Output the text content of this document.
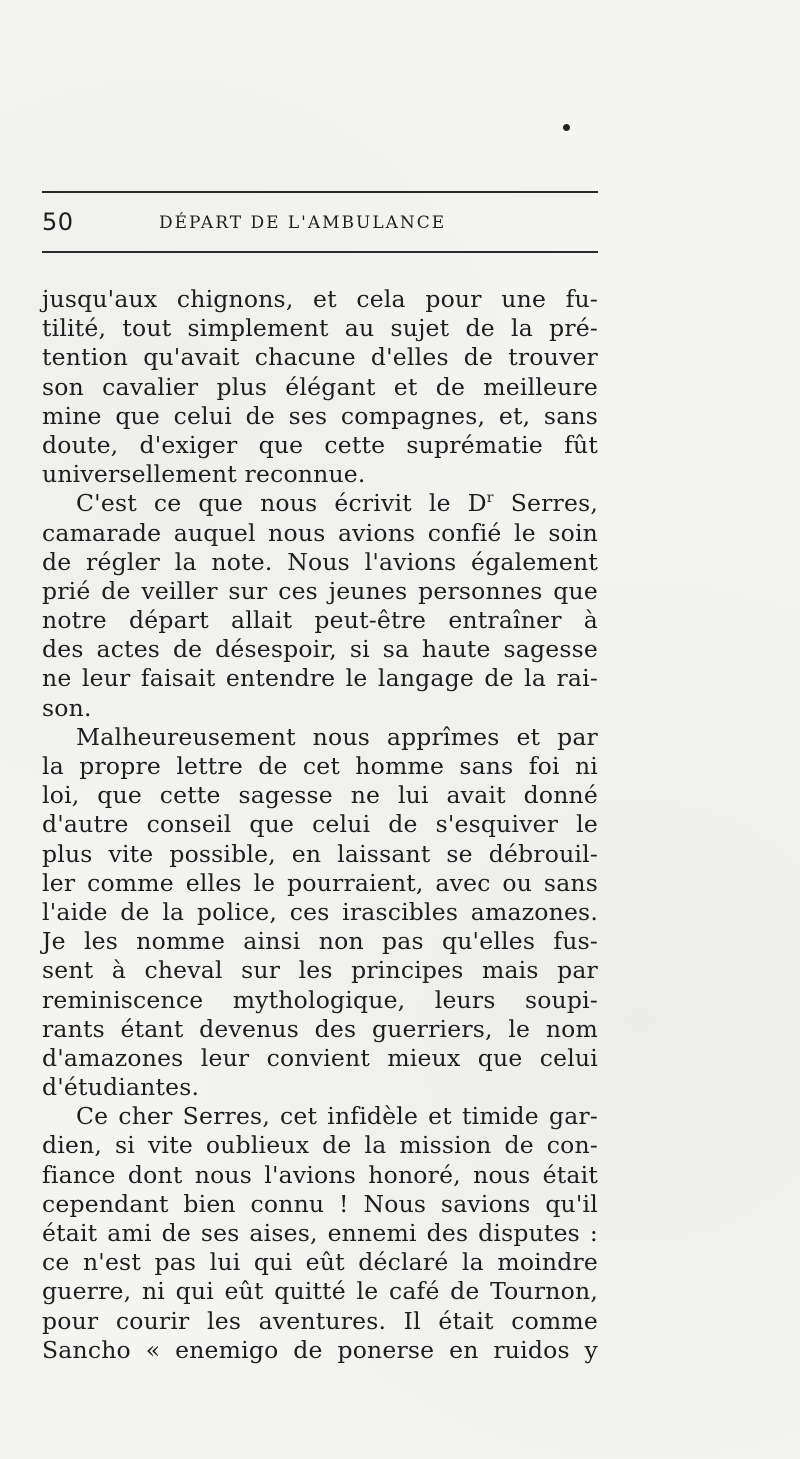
50	DÉPART DE L'AMBULANCE
jusqu'aux chignons, et cela pour une fu-
tilité, tout simplement au sujet de la pré-
tention qu'avait chacune d'elles de trouver
son cavalier plus élégant et de meilleure
mine que celui de ses compagnes, et, sans
doute, d'exiger que cette suprématie fût
universellement reconnue.
C'est ce que nous écrivit le $D^r$ Serres,
camarade auquel nous avions confié le soin
de régler la note. Nous l'avions également
prié de veiller sur ces jeunes personnes que
notre départ allait peut-être entraîner à
des actes de désespoir, si sa haute sagesse
ne leur faisait entendre le langage de la rai-
son.
Malheureusement nous apprîmes et par
la propre lettre de cet homme sans foi ni
loi, que cette sagesse ne lui avait donné
d'autre conseil que celui de s'esquiver le
plus vite possible, en laissant se débrouil-
ler comme elles le pourraient, avec ou sans
l'aide de la police, ces irascibles amazones.
Je les nomme ainsi non pas qu'elles fus-
sent à cheval sur les principes mais par
reminiscence mythologique, leurs soupi-
rants étant devenus des guerriers, le nom
d'amazones leur convient mieux que celui
d'étudiantes.
Ce cher Serres, cet infidèle et timide gar-
dien, si vite oublieux de la mission de con-
fiance dont nous l'avions honoré, nous était
cependant bien connu ! Nous savions qu'il
était ami de ses aises, ennemi des disputes :
ce n'est pas lui qui eût déclaré la moindre
guerre, ni qui eût quitté le café de Tournon,
pour courir les aventures. Il était comme
Sancho « enemigo de ponerse en ruidos y
